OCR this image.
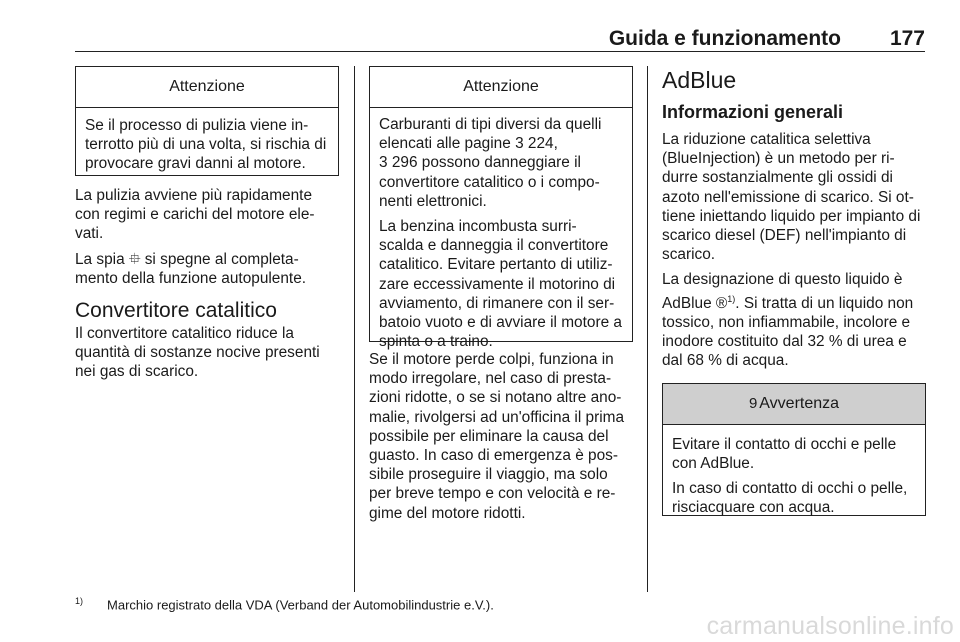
Guida e funzionamento 177
Attenzione

Se il processo di pulizia viene in- terrotto più di una volta, si rischia di provocare gravi danni al motore.

La pulizia avviene più rapidamente con regimi e carichi del motore ele- vati.

La spia ⯐ si spegne al completa- mento della funzione autopulente.

Convertitore catalitico

Il convertitore catalitico riduce la quantità di sostanze nocive presenti nei gas di scarico.

Attenzione

Carburanti di tipi diversi da quelli elencati alle pagine 3 224,
3 296 possono danneggiare il convertitore catalitico o i compo- nenti elettronici.

La benzina incombusta surri- scalda e danneggia il convertitore catalitico. Evitare pertanto di utiliz- zare eccessivamente il motorino di avviamento, di rimanere con il ser- batoio vuoto e di avviare il motore a spinta o a traino.

Se il motore perde colpi, funziona in modo irregolare, nel caso di presta- zioni ridotte, o se si notano altre ano- malie, rivolgersi ad un'officina il prima possibile per eliminare la causa del guasto. In caso di emergenza è pos- sibile proseguire il viaggio, ma solo per breve tempo e con velocità e re- gime del motore ridotti.

AdBlue
Informazioni generali

La riduzione catalitica selettiva (BlueInjection) è un metodo per ri- durre sostanzialmente gli ossidi di azoto nell'emissione di scarico. Si ot- tiene iniettando liquido per impianto di scarico diesel (DEF) nell'impianto di scarico.

La designazione di questo liquido è AdBlue ®$^{1)}$. Si tratta di un liquido non tossico, non infiammabile, incolore e inodore costituito dal 32 % di urea e dal 68 % di acqua.

9 Avvertenza

Evitare il contatto di occhi e pelle con AdBlue.

In caso di contatto di occhi o pelle, risciacquare con acqua.

$^{1)}$ Marchio registrato della VDA (Verband der Automobilindustrie e.V.).
carmanualsonline.info
